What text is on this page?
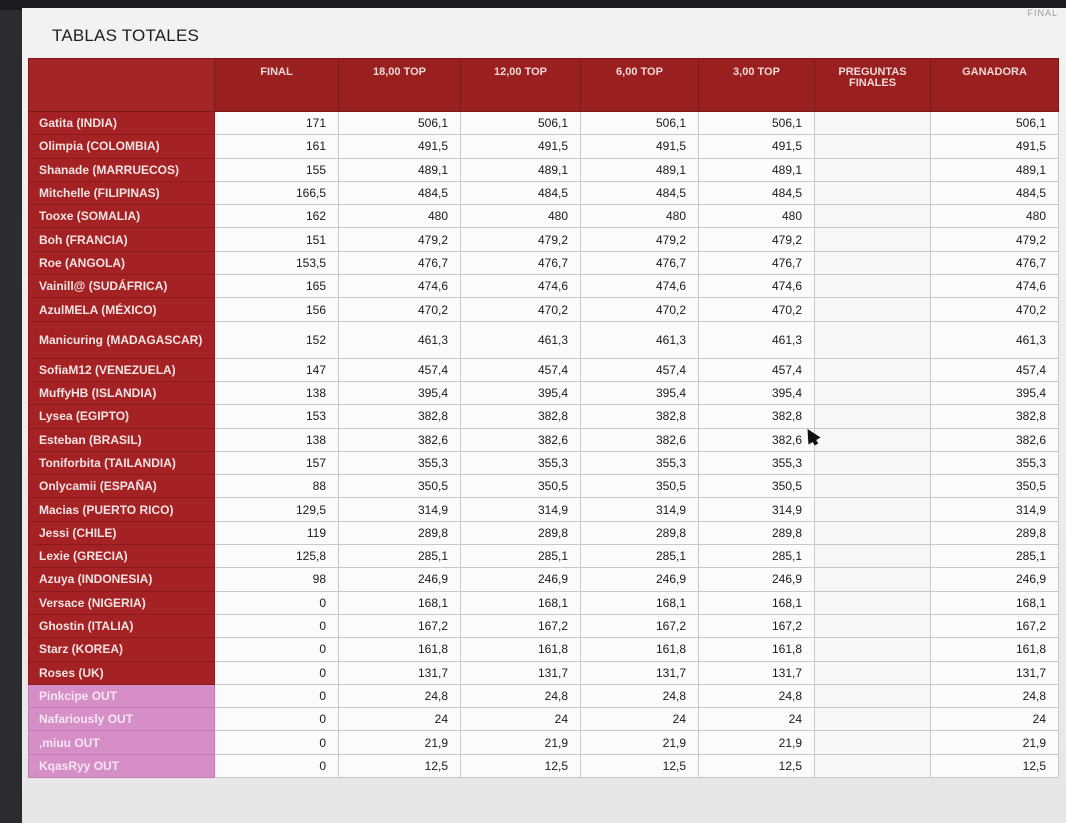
FINAL
TABLAS TOTALES
	FINAL	18,00 TOP	12,00 TOP	6,00 TOP	3,00 TOP	PREGUNTAS FINALES	GANADORA
Gatita (INDIA)	171	506,1	506,1	506,1	506,1		506,1
Olimpia (COLOMBIA)	161	491,5	491,5	491,5	491,5		491,5
Shanade (MARRUECOS)	155	489,1	489,1	489,1	489,1		489,1
Mitchelle (FILIPINAS)	166,5	484,5	484,5	484,5	484,5		484,5
Tooxe (SOMALIA)	162	480	480	480	480		480
Boh (FRANCIA)	151	479,2	479,2	479,2	479,2		479,2
Roe (ANGOLA)	153,5	476,7	476,7	476,7	476,7		476,7
Vainill@ (SUDÁFRICA)	165	474,6	474,6	474,6	474,6		474,6
AzulMELA (MÉXICO)	156	470,2	470,2	470,2	470,2		470,2
Manicuring (MADAGASCAR)	152	461,3	461,3	461,3	461,3		461,3
SofiaM12 (VENEZUELA)	147	457,4	457,4	457,4	457,4		457,4
MuffyHB (ISLANDIA)	138	395,4	395,4	395,4	395,4		395,4
Lysea (EGIPTO)	153	382,8	382,8	382,8	382,8		382,8
Esteban (BRASIL)	138	382,6	382,6	382,6	382,6		382,6
Toniforbita (TAILANDIA)	157	355,3	355,3	355,3	355,3		355,3
Onlycamii (ESPAÑA)	88	350,5	350,5	350,5	350,5		350,5
Macias (PUERTO RICO)	129,5	314,9	314,9	314,9	314,9		314,9
Jessi (CHILE)	119	289,8	289,8	289,8	289,8		289,8
Lexie (GRECIA)	125,8	285,1	285,1	285,1	285,1		285,1
Azuya (INDONESIA)	98	246,9	246,9	246,9	246,9		246,9
Versace (NIGERIA)	0	168,1	168,1	168,1	168,1		168,1
Ghostin (ITALIA)	0	167,2	167,2	167,2	167,2		167,2
Starz (KOREA)	0	161,8	161,8	161,8	161,8		161,8
Roses (UK)	0	131,7	131,7	131,7	131,7		131,7
Pinkcipe OUT	0	24,8	24,8	24,8	24,8		24,8
Nafariously OUT	0	24	24	24	24		24
,miuu OUT	0	21,9	21,9	21,9	21,9		21,9
KqasRyy OUT	0	12,5	12,5	12,5	12,5		12,5
